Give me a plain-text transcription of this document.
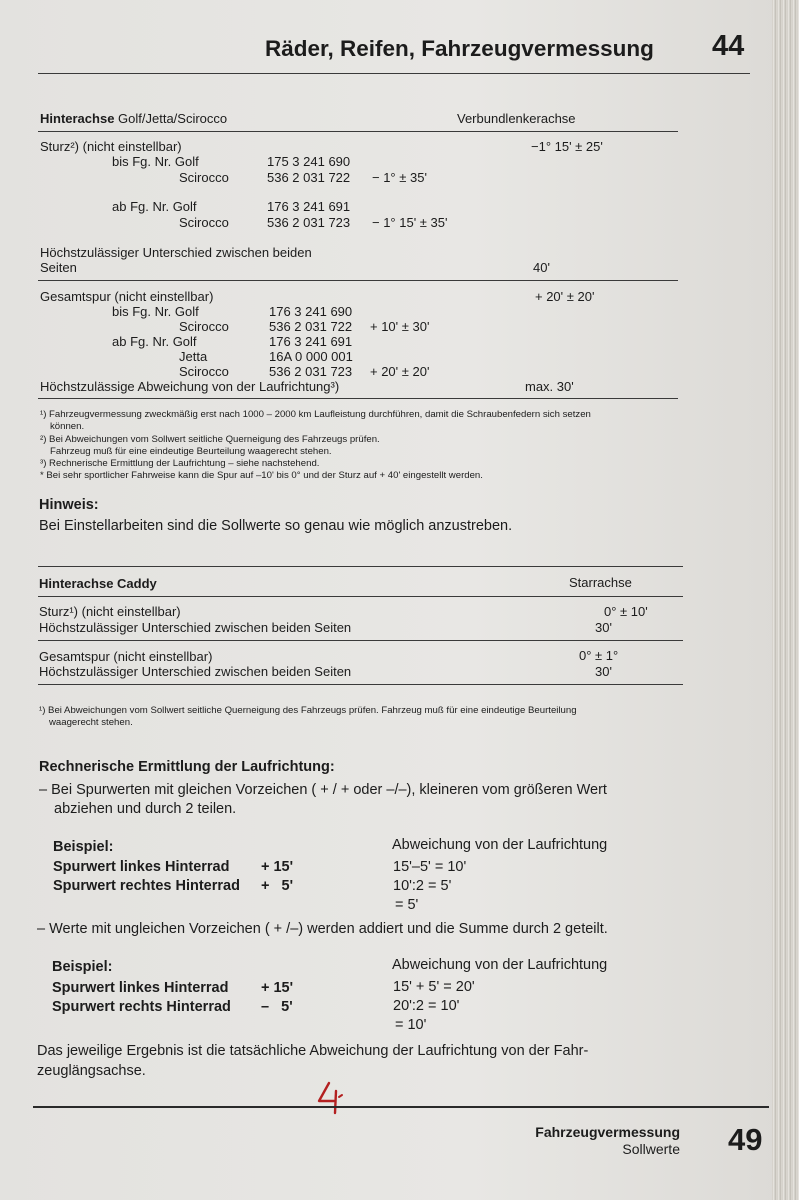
Räder, Reifen, Fahrzeugvermessung 44
Hinterachse Golf/Jetta/Scirocco	Verbundlenkerachse
Sturz²) (nicht einstellbar)	−1° 15' ± 25'
bis Fg. Nr. Golf	175 3 241 690
Scirocco	536 2 031 722 − 1° ± 35'
ab Fg. Nr. Golf	176 3 241 691
Scirocco	536 2 031 723 − 1° 15' ± 35'
Höchstzulässiger Unterschied zwischen beiden
Seiten	40'
Gesamtspur (nicht einstellbar)	+ 20' ± 20'
bis Fg. Nr. Golf	176 3 241 690
Scirocco	536 2 031 722 + 10' ± 30'
ab Fg. Nr. Golf	176 3 241 691
Jetta	16A 0 000 001
Scirocco	536 2 031 723 + 20' ± 20'
Höchstzulässige Abweichung von der Laufrichtung³)	max. 30'
¹) Fahrzeugvermessung zweckmäßig erst nach 1000 – 2000 km Laufleistung durchführen, damit die Schraubenfedern sich setzen
können.
²) Bei Abweichungen vom Sollwert seitliche Querneigung des Fahrzeugs prüfen.
Fahrzeug muß für eine eindeutige Beurteilung waagerecht stehen.
³) Rechnerische Ermittlung der Laufrichtung – siehe nachstehend.
* Bei sehr sportlicher Fahrweise kann die Spur auf –10' bis 0° und der Sturz auf + 40' eingestellt werden.
Hinweis:
Bei Einstellarbeiten sind die Sollwerte so genau wie möglich anzustreben.
Hinterachse Caddy	Starrachse
Sturz¹) (nicht einstellbar)	0° ± 10'
Höchstzulässiger Unterschied zwischen beiden Seiten	30'
Gesamtspur (nicht einstellbar)	0° ± 1°
Höchstzulässiger Unterschied zwischen beiden Seiten	30'
¹) Bei Abweichungen vom Sollwert seitliche Querneigung des Fahrzeugs prüfen. Fahrzeug muß für eine eindeutige Beurteilung
waagerecht stehen.
Rechnerische Ermittlung der Laufrichtung:
– Bei Spurwerten mit gleichen Vorzeichen ( + / + oder –/–), kleineren vom größeren Wert
abziehen und durch 2 teilen.
Beispiel:	Abweichung von der Laufrichtung
Spurwert linkes Hinterrad + 15'	15'–5' = 10'
Spurwert rechtes Hinterrad +   5'	10':2 = 5'
= 5'
– Werte mit ungleichen Vorzeichen ( + /–) werden addiert und die Summe durch 2 geteilt.
Beispiel:	Abweichung von der Laufrichtung
Spurwert linkes Hinterrad + 15'	15' + 5' = 20'
Spurwert rechts Hinterrad –   5'	20':2 = 10'
= 10'
Das jeweilige Ergebnis ist die tatsächliche Abweichung der Laufrichtung von der Fahr-
zeuglängsachse.
Fahrzeugvermessung
Sollwerte 49
